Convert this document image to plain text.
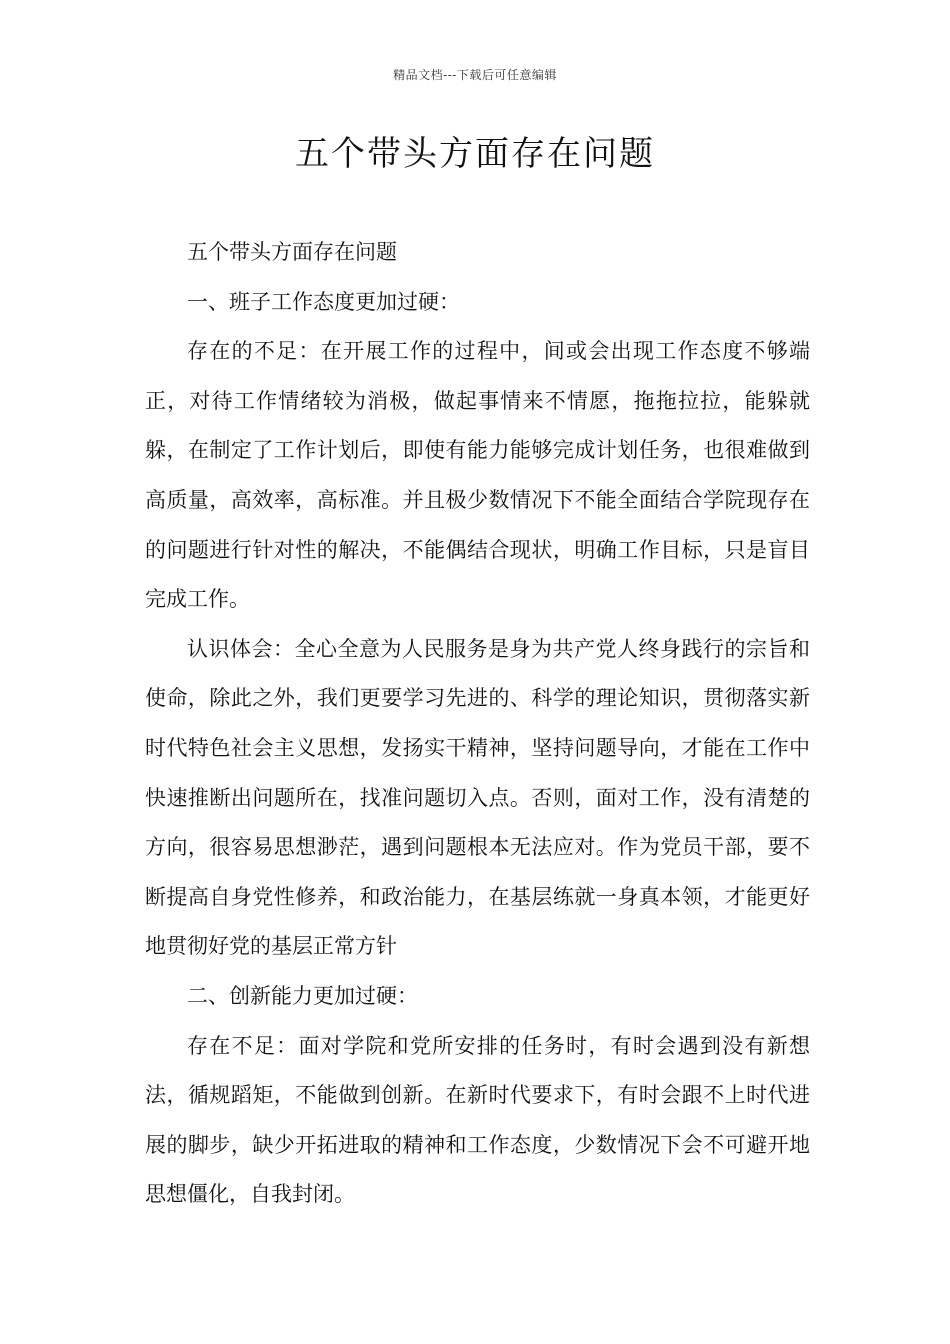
精品文档---下载后可任意编辑
五个带头方面存在问题

五个带头方面存在问题

一、班子工作态度更加过硬：

存在的不足：在开展工作的过程中，间或会出现工作态度不够端正，对待工作情绪较为消极，做起事情来不情愿，拖拖拉拉，能躲就躲，在制定了工作计划后，即使有能力能够完成计划任务，也很难做到高质量，高效率，高标准。并且极少数情况下不能全面结合学院现存在的问题进行针对性的解决，不能偶结合现状，明确工作目标，只是盲目完成工作。

认识体会：全心全意为人民服务是身为共产党人终身践行的宗旨和使命，除此之外，我们更要学习先进的、科学的理论知识，贯彻落实新时代特色社会主义思想，发扬实干精神，坚持问题导向，才能在工作中快速推断出问题所在，找准问题切入点。否则，面对工作，没有清楚的方向，很容易思想渺茫，遇到问题根本无法应对。作为党员干部，要不断提高自身党性修养，和政治能力，在基层练就一身真本领，才能更好地贯彻好党的基层正常方针

二、创新能力更加过硬：

存在不足：面对学院和党所安排的任务时，有时会遇到没有新想法，循规蹈矩，不能做到创新。在新时代要求下，有时会跟不上时代进展的脚步，缺少开拓进取的精神和工作态度，少数情况下会不可避开地思想僵化，自我封闭。
